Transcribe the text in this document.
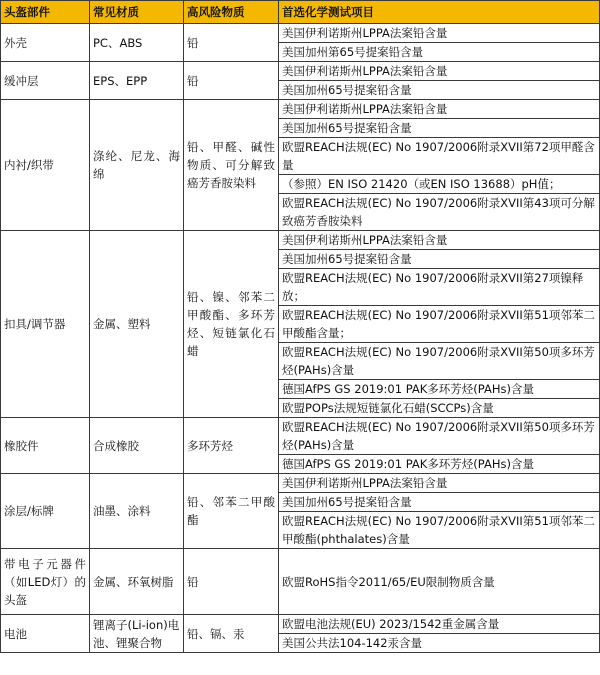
头盔部件	常见材质	高风险物质	首选化学测试项目
外壳	PC、ABS	铅	美国伊利诺斯州LPPA法案铅含量
			美国加州第65号提案铅含量
缓冲层	EPS、EPP	铅	美国伊利诺斯州LPPA法案铅含量
			美国加州65号提案铅含量
内衬/织带	涤纶、尼龙、海绵	铅、甲醛、碱性物质、可分解致癌芳香胺染料	美国伊利诺斯州LPPA法案铅含量
			美国加州65号提案铅含量
			欧盟REACH法规(EC) No 1907/2006附录XVII第72项甲醛含量
			（参照）EN ISO 21420（或EN ISO 13688）pH值；
			欧盟REACH法规(EC) No 1907/2006附录XVII第43项可分解致癌芳香胺染料
扣具/调节器	金属、塑料	铅、镍、邻苯二甲酸酯、多环芳烃、短链氯化石蜡	美国伊利诺斯州LPPA法案铅含量
			美国加州65号提案铅含量
			欧盟REACH法规(EC) No 1907/2006附录XVII第27项镍释放；
			欧盟REACH法规(EC) No 1907/2006附录XVII第51项邻苯二甲酸酯含量；
			欧盟REACH法规(EC) No 1907/2006附录XVII第50项多环芳烃(PAHs)含量
			德国AfPS GS 2019:01 PAK多环芳烃(PAHs)含量
			欧盟POPs法规短链氯化石蜡(SCCPs)含量
橡胶件	合成橡胶	多环芳烃	欧盟REACH法规(EC) No 1907/2006附录XVII第50项多环芳烃(PAHs)含量
			德国AfPS GS 2019:01 PAK多环芳烃(PAHs)含量
涂层/标牌	油墨、涂料	铅、邻苯二甲酸酯	美国伊利诺斯州LPPA法案铅含量
			美国加州65号提案铅含量
			欧盟REACH法规(EC) No 1907/2006附录XVII第51项邻苯二甲酸酯(phthalates)含量
带电子元器件（如LED灯）的头盔	金属、环氧树脂	铅	欧盟RoHS指令2011/65/EU限制物质含量
电池	锂离子(Li-ion)电池、锂聚合物	铅、镉、汞	欧盟电池法规(EU) 2023/1542重金属含量
			美国公共法104-142汞含量
